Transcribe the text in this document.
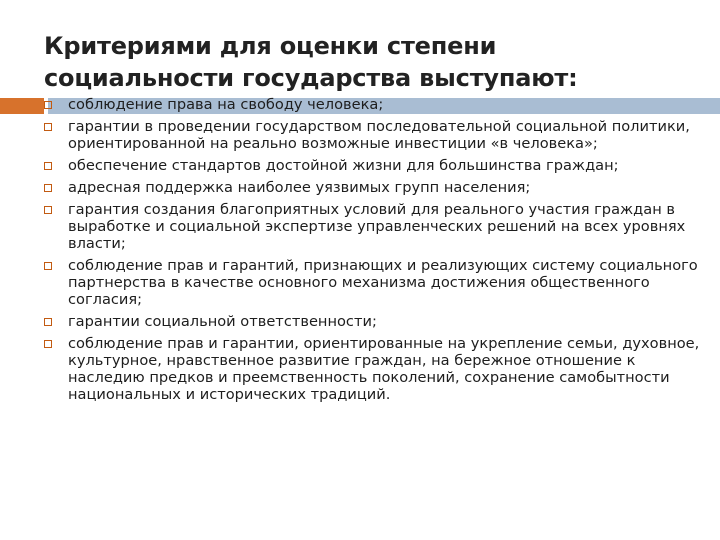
Критериями для оценки степени
социальности государства выступают:
соблюдение права на свободу человека;
гарантии в проведении государством последовательной социальной политики, ориентированной на реально возможные инвестиции «в человека»;
обеспечение стандартов достойной жизни для большинства граждан;
адресная поддержка наиболее уязвимых групп населения;
гарантия создания благоприятных условий для реального участия граждан в выработке и социальной экспертизе управленческих решений на всех уровнях власти;
соблюдение прав и гарантий, признающих и реализующих систему социального партнерства в качестве основного механизма достижения общественного согласия;
гарантии социальной ответственности;
соблюдение прав и гарантии, ориентированные на укрепление семьи, духовное, культурное, нравственное развитие граждан, на бережное отношение к наследию предков и преемственность поколений, сохранение самобытности национальных и исторических традиций.
